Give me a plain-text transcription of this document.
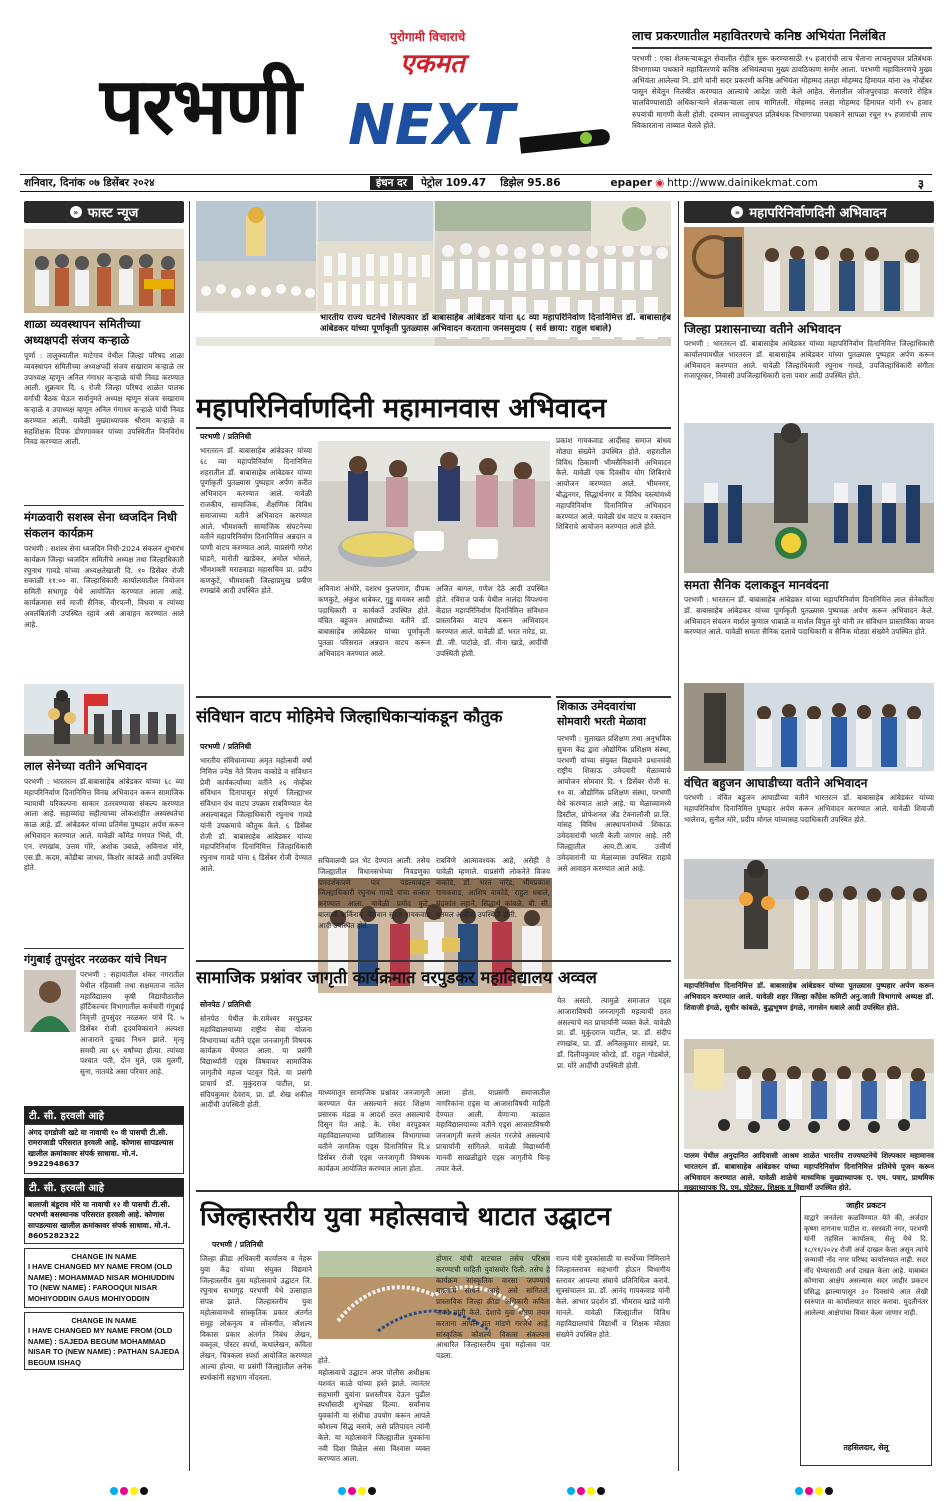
पुरोगामी विचाराचे
एकमत
परभणी NEXT
लाच प्रकरणातील महावितरणचे कनिष्ठ अभियंता निलंबित
परभणी : एका शेतकऱ्याकडून सेवालीत रोहीत्र सुरू करण्यासाठी १५ हजारांची लाच घेताना लाचलुचपत प्रतिबंधक विभागाच्या पथकाने महावितरणचे कनिष्ठ अभियंत्याचा मुख्य ठावठिकाण समोर आला. परभणी महावितरणचे मुख्य अभियंता आलेल्या नि. डांगे यांनी सदर प्रकरणी कनिष्ठ अभियंता मोहम्मद तलहा मोहम्मद हिमायत यांना २७ नोव्हेंबर पासून सेवेतून निलंबीत करण्यात आल्याचे आदेश जारी केले आहेत. सेलातील जोजपुरवाडा करणारे रोहित्र चालविण्यासाठी अधिकाऱ्याने शेतकऱ्याला लाच मागितली. मोहम्मद तलहा मोहम्मद हिमायत यांनी १५ हजार रुपयांची मागणी केली होती. दरम्यान लाचलुचपत प्रतिबंधक विभागाच्या पथकाने सापळा रचून १५ हजारांची लाच स्विकारताना ताब्यात घेतले होते.
शनिवार, दिनांक ०७ डिसेंबर २०२४	इंधन दर	पेट्रोल 109.47 डिझेल 95.86	epaper ◉ http://www.dainikekmat.com	३
» फास्ट न्यूज
शाळा व्यवस्थापन समितीच्या अध्यक्षपदी संजय कऱ्हाळे
पूर्णा : तालुक्यातील माटेगाव येथील जिल्हा परिषद शाळा व्यवस्थापन समितीच्या अध्यक्षपदी संजय सखाराम कऱ्हाळे तर उपाध्यक्ष म्हणून अनिल गंगाधर कऱ्हाळे यांची निवड करण्यात आली. शुक्रवार दि. ६ रोजी जिल्हा परिषद शाळेत पालक वर्गाची बैठक घेऊन सर्वानुमते अध्यक्ष म्हणून संजय सखाराम कऱ्हाळे व उपाध्यक्ष म्हणून अनिल गंगाधर कऱ्हाळे यांची निवड करण्यात आली. यावेळी मुख्याध्यापक श्रीराम कऱ्हाळे व सहशिक्षक दिपक डोणगावकर यांच्या उपस्थितीत विनविरोध निवड करण्यात आली.
मंगळवारी सशस्त्र सेना ध्वजदिन निधी संकलन कार्यक्रम
परभणी : सशस्त्र सेना ध्वजदिन निधी-2024 संकलन शुभारंभ कार्यक्रम जिल्हा ध्वजदिन समितीचे अध्यक्ष तथा जिल्हाधिकारी रघुनाथ गावडे यांच्या अध्यक्षतेखाली दि. १० डिसेंबर रोजी सकाळी ११:०० वा. जिल्हाधिकारी कार्यालयातील नियोजन समिती सभागृह येथे आयोजित करण्यात आला आहे. कार्यक्रमास सर्व माजी सैनिक, वीरपत्नी, विधवा व त्यांच्या अवलंबितांनी उपस्थित रहावे असे आवाहन करण्यात आले आहे.
लाल सेनेच्या वतीने अभिवादन
परभणी : भारतरत्न डॉ.बाबासाहेब आंबेडकर यांच्या ६८ व्या महापरिनिर्वाण दिनानिमित्त विनम्र अभिवादन करून सामाजिक न्यायाची परिकल्पना साकार उतरवण्याचा संकल्प करण्यात आला आहे. सहाव्यांदा सहीत्याच्या लोकशाहीत अस्वस्थतेचा काळ आहे. डॉ. आंबेडकर यांच्या प्रतिमेस पुष्पहार अर्पण करून अभिवादन करण्यात आले. यावेळी कॉमेड गणपत भिसे, पी. एन. रणखांब, उत्तम गोरे, अशोक उबाळे, अविनाश मोरे, एस.डी. कदम, कोंडीबा जाधव, किशोर कांबळे आदी उपस्थित होते.
गंगुबाई तुपसुंदर नरळकर यांचे निधन
परभणी : सहायातील शंकर नगरातील येथील रहिवासी तथा सक्षमताज नातेल महाविद्यालय कृषी विद्यापीठातील हॉर्टिकल्चर विभागातील कर्मचारी गंगुबाई निवृत्ती तुपसुंदर नरळकर यांचे दि. ५ डिसेंबर रोजी हृदयविकाराने अल्पशा आजाराने दुःखद निधन झाले. मृत्यू समयी त्या ६९ वर्षांच्या होत्या. त्यांच्या पश्चात पती, दोन मुले, एक मुलगी, सुना, नातवंडे असा परिवार आहे.
टी. सी. हरवली आहे
अंगद दगडोजी खटे या नावाची १० वी पासची टी.सी. रामराजाडी परिसरात हरवली आहे. कोणास सापडल्यास खालील क्रमांकावर संपर्क साधावा. मो.नं. 9922948637
टी. सी. हरवली आहे
बालाजी बंडूराव मोरे या नावाची १२ वी पासची टी.सी. परभणी बसस्थानक परिसरात हरवली आहे. कोणास सापडल्यास खालील क्रमांकावर संपर्क साधावा. मो.नं. 8605282322
CHANGE IN NAME
I HAVE CHANGED MY NAME FROM (OLD NAME) : MOHAMMAD NISAR MOHIUDDIN TO (NEW NAME) : FAROOQUI NISAR MOHIYODDIN GAUS MOHIYODDIN
CHANGE IN NAME
I HAVE CHANGED MY NAME FROM (OLD NAME) : SAJEDA BEGUM MOHAMMAD NISAR TO (NEW NAME) : PATHAN SAJEDA BEGUM ISHAQ
भारतीय राज्य घटनेचे शिल्पकार डॉ बाबासाहेब आंबेडकर यांना ६८ व्या महापरिनिर्वाण दिनानिमित्त डॉ. बाबासाहेब आंबेडकर यांच्या पूर्णाकृती पुतळ्यास अभिवादन करताना जनसमुदाय ( सर्व छाया: राहुल धबाले)
महापरिनिर्वाणदिनी महामानवास अभिवादन
परभणी / प्रतिनिधी
भारतरत्न डॉ. बाबासाहेब आंबेडकर यांच्या ६८ व्या महापरिनिर्वाण दिनानिमित्त शहरातील डॉ. बाबासाहेब आंबेडकर यांच्या पूर्णाकृती पुतळ्यास पुष्पहार अर्पण करीत अभिवादन करण्यात आले. यावेळी राजकीय, सामाजिक, शैक्षणिक विविध समाजाच्या वतीने अभिवादन करण्यात आले. भीमशक्ती सामाजिक संघटनेच्या वतीने महापरिनिर्वाण दिनानिमित्त अन्नदान व पाणी वाटप करण्यात आले. याप्रसंगी गणेश घाडगे, मारोती खाडेकर, अमोल भोसले, भीमशक्ती मराठवाडा महासचिव प्रा. प्रदीप कणकुटे, भीमशक्ती जिल्हाप्रमुख प्रवीण रणखांबे आदी उपस्थित होते.	अविनाश अंभोरे, दशरथ फुलपगार, दीपक कणकुटे, अंकुश धाबेकर, गुड्डू वायकर आदी पदाधिकारी व कार्यकर्ते उपस्थित होते. वंचित बहुजन आघाडीच्या वतीने डॉ. बाबासाहेब आंबेडकर यांच्या पूर्णाकृती पुतळा परिसरात अन्नदान वाटप करून अभिवादन करण्यात आले.
अजित बागल, गणेश देठे आदी उपस्थित होते. रविराज पार्क येथील नालंदा विपश्यना केंद्रात महापरिनिर्वाण दिनानिमित्त संविधान प्रास्ताविका वाटप करून अभिवादन करण्यात आले. यावेळी डॉ. भरत नारेड, प्रा. डी. जी. पाटोळे, डॉ. नीना खाडे, आदींची उपस्थिती होती.
प्रकाश गायकवाड आदींसह समाज बांधव मोठ्या संख्येने उपस्थित होते. शहरातील विविध ठिकाणी भीमसैनिकांनी अभिवादन केले. यावेळी एक दिवसीय योग शिबिराचे आयोजन करण्यात आले. भीमनगर, बौद्धनगर, सिद्धार्थनगर व विविध वस्त्यांमध्ये महापरिनिर्वाण दिनानिमित्त अभिवादन करण्यात आले. यावेळी ग्रंथ वाटप व रक्तदान शिबिराचे आयोजन करण्यात आले होते.
संविधान वाटप मोहिमेचे जिल्हाधिकाऱ्यांकडून कौतुक
परभणी / प्रतिनिधी
भारतीय संविधानाच्या अमृत महोत्सवी वर्षा निमित्त ज्येष्ठ नेते विजय वाकोडे व संविधान प्रेमी कार्यकर्त्यांच्या वतीने २६ नोव्हेंबर संविधान दिनापासून संपूर्ण जिल्ह्याभर संविधान ग्रंथ वाटप उपक्रम राबविण्यात येत असल्याबद्दल जिल्हाधिकारी रघुनाथ गावडे यांनी उपक्रमाचे कौतुक केले. ६ डिसेंबर रोजी डॉ. बाबासाहेब आंबेडकर यांच्या महापरिनिर्वाण दिनानिमित्त जिल्हाधिकारी रघुनाथ गावडे यांना ६ डिसेंबर रोजी देण्यात आले.
सचिवालयी प्रत भेट देण्यात आली. तसेच जिल्ह्यातील विधानसभेच्या निवडणुका पारदर्शकपणे पार पडल्याबद्दल जिल्ह्याधिकारी रघुनाथ गावडे यांचा सत्कार करण्यात आला. यावेळी प्रमोद कुटे, बालाजी पार्किराय, पैलवान सुरज गायकवाड आदी उपस्थित होते.
राबविणे आत्मावश्यक आहे, असेही ते यावेळी म्हणाले. याप्रसंगी लोकनेते विजय वाकोडे, डॉ. भरत नारेड, भीमप्रकाश गायकवाड, आशिष वाकोडे, राहुल धबाले, चंद्रकांत लहाने, सिद्धार्थ कांबळे, बी. सी. धुतमल आदींची उपस्थिती होती.
शिकाऊ उमेदवारांचा सोमवारी भरती मेळावा
परभणी : मुलाखत प्रशिक्षण तथा अनुभविक सुचना केंद्र द्वारा औद्योगिक प्रशिक्षण संस्था, परभणी यांच्या संयुक्त विद्यमाने प्रधानमंत्री राष्ट्रीय शिकाऊ उमेदवारी मेळाव्याचे आयोजन सोमवार दि. ९ डिसेंबर रोजी स. १० वा. औद्योगिक प्रशिक्षण संस्था, परभणी येथे करण्यात आले आहे. या मेळाव्यामध्ये डिस्टील, प्रोफेशनल अँड टेक्नालॉजी प्रा.लि. यांसह विविध आस्थापनांमध्ये शिकाऊ उमेदवारांची भरती केली जाणार आहे. तरी जिल्ह्यातील आय.टी.आय. उत्तीर्ण उमेदवारांनी या मेळाव्यास उपस्थित राहावे असे आवाहन करण्यात आले आहे.
सामाजिक प्रश्नांवर जागृती कार्यक्रमात वरपुडकर महाविद्यालय अव्वल
सोनपेठ / प्रतिनिधी
सोनपेठ येथील के.रामेश्वर वरपुडकर महाविद्यालयाच्या राष्ट्रीय सेवा योजना विभागाच्या वतीने एड्स जनजागृती विषयक कार्यक्रम घेण्यात आला. या प्रसंगी विद्यार्थ्यांनी एड्स विषयावर सामाजिक जागृतीचे महत्त्व पटवून दिले. या प्रसंगी प्राचार्य डॉ. मुकुंदराज पाटील, प्रा. संदिपकुमार देवराय, प्रा. डॉ. शेख शकील आदींची उपस्थिती होती.
माध्यमातून सामाजिक प्रश्नांवर जनजागृती करण्यात येत असल्याने सदर शिक्षण प्रसारक मंडळ व आदर्श ठरत असल्याचे दिसून येत आहे. के. रमेश वरपुडकर महाविद्यालयाच्या प्राणिशास्त्र विभागाच्या वतीने जागतिक एड्स दिनानिमित्त दि.४ डिसेंबर रोजी एड्स जनजागृती विषयक कार्यक्रम आयोजित करण्यात आला होता.
आला होता. याप्रसंगी समाजातील नागरिकांना एड्स या आजाराविषयी माहिती देण्यात आली. येणाऱ्या काळात महाविद्यालयाच्या वतीने एड्स आजाराविषयी जनजागृती करणे अत्यंत गरजेचे असल्याचे प्राचार्यांनी सांगितले. यावेळी विद्यार्थ्यांनी मानवी साखळीद्वारे एड्स जागृतीचे चिन्ह तयार केले.
येत असतो. त्यामुळे समाजात एड्स आजाराविषयी जनजागृती महत्वाची ठरत असल्याचे मत प्राचार्यांनी व्यक्त केले. यावेळी प्रा. डॉ. मुकुंदराज पाटील, प्रा. डॉ. संदीप रणखांब, प्रा. डॉ. अनिलकुमार साखरे, प्रा. डॉ. दिलीपकुमार कोरडे, डॉ. राहुल गोडबोले, प्रा. मोरे आदींची उपस्थिती होती.
जिल्हास्तरीय युवा महोत्सवाचे थाटात उद्घाटन
परभणी / प्रतिनिधी
जिल्हा क्रीडा अधिकारी कार्यालय व नेहरू युवा केंद्र यांच्या संयुक्त विद्यमाने जिल्हास्तरीय युवा महोत्सवाचे उद्घाटन जि. रघुनाथ सभागृह परभणी येथे उत्साहात संपन्न झाले. जिल्हास्तरीय युवा महोत्सवामध्ये सांस्कृतिक प्रकार अंतर्गत समूह लोकनृत्य व लोकगीत, कौशल्य विकास प्रकार अंतर्गत निबंध लेखन, वक्तृत्व, पोस्टर स्पर्धा, कथालेखन, कविता लेखन, चित्रकला स्पर्धा आयोजित करण्यात आल्या होत्या. या प्रसंगी जिल्ह्यातील अनेक स्पर्धकांनी सहभाग नोंदवला.
होते.
महोत्सवाचे उद्घाटन अपर पोलीस अधीक्षक यशवंत काळे यांच्या हस्ते झाले. त्यानंतर सहभागी युवांना प्रशस्तीपत्र देऊन पुढील स्पर्धांसाठी शुभेच्छा दिल्या. सर्वांनाच युवकांनी या संधीचा उपयोग करून आपले कौशल्य सिद्ध करावे, असे प्रतिपादन त्यांनी केले. या महोत्सवाने जिल्ह्यातील युवकांना नवी दिशा मिळेल असा विश्वास व्यक्त करण्यात आला.
होणार यांची वाटचाल तसेच परिश्रम करण्याची माहिती युवांसमोर दिली. तसेच हे कार्यक्रम सांस्कृतिक वारसा जपण्याचे महत्वाचे साधन आहे असे सांगितले. प्रास्ताविक जिल्हा क्रीडा अधिकारी कविता नावंदे यांनी केले. देशाचे युवा धोरण तयार करताना आपले मत मांडणे गरजेचे आहे. सांस्कृतिक कौशल्य विकास संकल्पना आधारित जिल्हास्तरीय युवा महोत्सव पार पडला.
राज्य मंत्री युवकांसाठी या स्पर्धेच्या निमित्ताने जिल्हास्तरावर सहभागी होऊन विभागीय स्तरावर आपल्या संघाचे प्रतिनिधित्व करावे. सूत्रसंचालन प्रा. डॉ. आनंद गायकवाड यांनी केले. आभार प्रदर्शन डॉ. भीमराव खाडे यांनी मानले. यावेळी जिल्ह्यातील विविध महाविद्यालयांचे विद्यार्थी व शिक्षक मोठ्या संख्येने उपस्थित होते.
» महापरिनिर्वाणदिनी अभिवादन
जिल्हा प्रशासनाच्या वतीने अभिवादन
परभणी : भारतरत्न डॉ. बाबासाहेब आंबेडकर यांच्या महापरिनिर्वाण दिनानिमित्त जिल्हाधिकारी कार्यालयामधील भारतरत्न डॉ. बाबासाहेब आंबेडकर यांच्या पुतळ्यास पुष्पहार अर्पण करून अभिवादन करण्यात आले. यावेळी जिल्हाधिकारी रघुनाथ गावडे, उपजिल्हाधिकारी संगीता राजापूरकर, निवासी उपजिल्हाधिकारी दत्ता पवार आदी उपस्थित होते.
समता सैनिक दलाकडून मानवंदना
परभणी : भारतरत्न डॉ. बाबासाहेब आंबेडकर यांच्या महापरिनिर्वाण दिनानिमित्त लाल सेनेकरिता डॉ. बाबासाहेब आंबेडकर यांच्या पूर्णाकृती पुतळ्यास पुष्पचक्र अर्पण करून अभिवादन केले. अभिवादन संचलन मार्शल कुणाल धाबाळे व मार्शल विपुल मुरे यांनी तर संविधान प्रास्ताविका वाचन करण्यात आले. यावेळी समता सैनिक दलाचे पदाधिकारी व सैनिक मोठ्या संख्येने उपस्थित होते.
वंचित बहुजन आघाडीच्या वतीने अभिवादन
परभणी : वंचित बहुजन आघाडीच्या वतीने भारतरत्न डॉ. बाबासाहेब आंबेडकर यांच्या महापरिनिर्वाण दिनानिमित्त पुष्पहार अर्पण करून अभिवादन करण्यात आले. यावेळी शिवाजी भालेराव, सुनील मोरे, प्रदीप मोगल यांच्यासह पदाधिकारी उपस्थित होते.
महापरिनिर्वाण दिनानिमित्त डॉ. बाबासाहेब आंबेडकर यांच्या पुतळ्यास पुष्पहार अर्पण करून अभिवादन करण्यात आले. यावेळी शहर जिल्हा काँग्रेस कमिटी अनु.जाती विभागाचे अध्यक्ष डॉ. शिवाजी इंगळे, सुधीर कांबळे, बुद्धभूषण इंगळे, नागसेन धबाले आदी उपस्थित होते.
पालम येथील अनुदानित आदिवासी आश्रम शाळेत भारतीय राज्यघटनेचे शिल्पकार महामानव भारतरत्न डॉ. बाबासाहेब आंबेडकर यांच्या महापरिनिर्वाण दिनानिमित्त प्रतिमेचे पूजन करून अभिवादन करण्यात आले. यावेळी शाळेचे माध्यमिक मुख्याध्यापक ए. एम. पवार, प्राथमिक मुख्याध्यापक पि. एम. घोटेकर, शिक्षक व विद्यार्थी उपस्थित होते.
जाहीर प्रकटन
याद्वारे जनतेला कळविण्यात येते की, अर्जदार कृष्णा नागनाथ पाटील रा. सरस्वती नगर, परभणी यांनी तहसिल कार्यालय, सेलू येथे दि. १८/११/२०२४ रोजी अर्ज दाखल केला असून त्यांचे जन्माची नोंद नगर परिषद कार्यालयात नाही. सदर नोंद घेण्यासाठी अर्ज दाखल केला आहे. याबाबत कोणाचा आक्षेप असल्यास सदर जाहीर प्रकटन प्रसिद्ध झाल्यापासून ३० दिवसांचे आत लेखी स्वरुपात या कार्यालयात सादर करावा. मुदतीनंतर आलेल्या आक्षेपांचा विचार केला जाणार नाही.
तहसिलदार, सेलू
